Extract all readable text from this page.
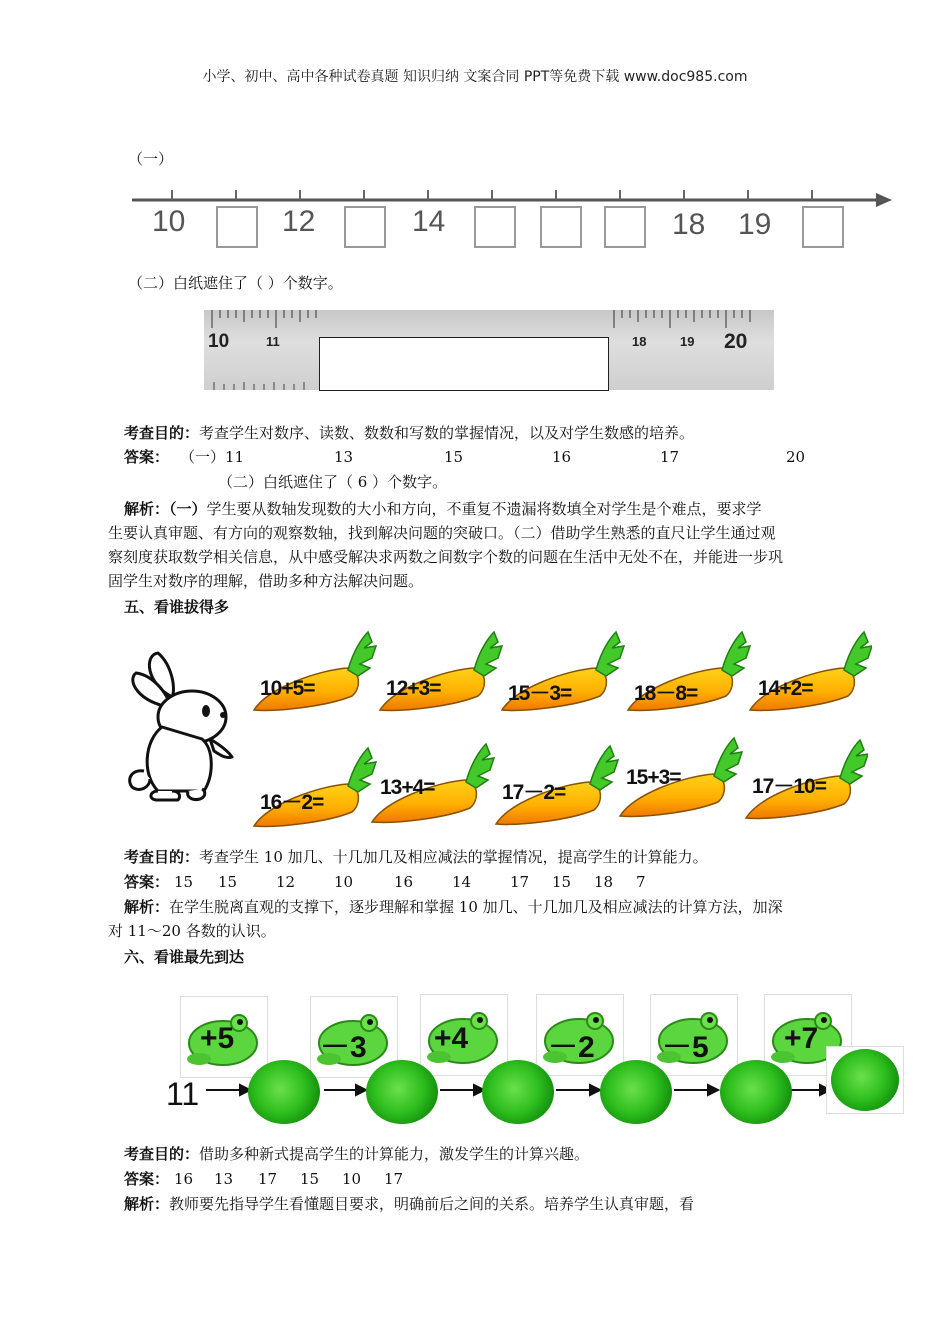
小学、初中、高中各种试卷真题 知识归纳 文案合同 PPT等免费下载 www.doc985.com
（一）
10	12	14	18 19
（二）白纸遮住了（ ）个数字。
10	11	18	19 20
考查目的：考查学生对数序、读数、数数和写数的掌握情况，以及对学生数感的培养。
答案： （一）11	13	15	16	17	20
（二）白纸遮住了（ 6 ）个数字。
解析：（一）学生要从数轴发现数的大小和方向，不重复不遗漏将数填全对学生是个难点，要求学
生要认真审题、有方向的观察数轴，找到解决问题的突破口。（二）借助学生熟悉的直尺让学生通过观
察刻度获取数学相关信息，从中感受解决求两数之间数字个数的问题在生活中无处不在，并能进一步巩
固学生对数序的理解，借助多种方法解决问题。
五、看谁拔得多
10+5=	12+3=	15－3=	18－8=	14+2=
16－2=
13+4=	17－2=
15+3=	17－10=
考查目的：考查学生 10 加几、十几加几及相应减法的掌握情况，提高学生的计算能力。
答案： 15 15	12	10	16	14	17 15 18 7
解析：在学生脱离直观的支撑下，逐步理解和掌握 10 加几、十几加几及相应减法的计算方法，加深
对 11～20 各数的认识。
六、看谁最先到达
+5	－3 +4	－2 －5	+7
11
考查目的：借助多种新式提高学生的计算能力，激发学生的计算兴趣。
答案： 16 13 17 15 10 17
解析：教师要先指导学生看懂题目要求，明确前后之间的关系。培养学生认真审题，看
